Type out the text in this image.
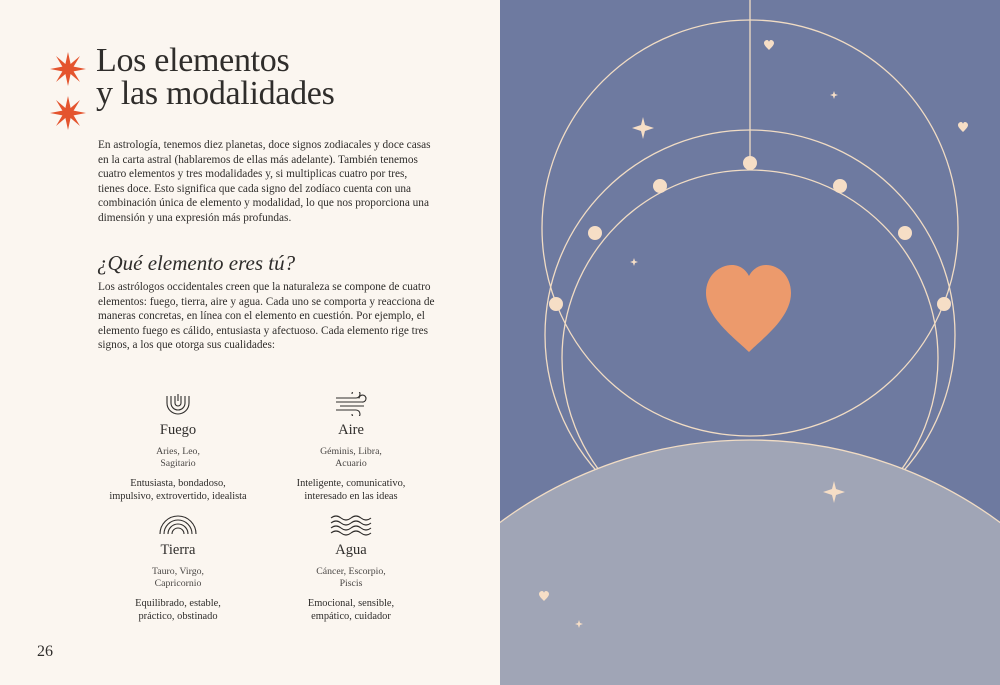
Los elementos
y las modalidades

En astrología, tenemos diez planetas, doce signos zodiacales y doce casas en la carta astral (hablaremos de ellas más adelante). También tenemos cuatro elementos y tres modalidades y, si multiplicas cuatro por tres, tienes doce. Esto significa que cada signo del zodíaco cuenta con una combinación única de elemento y modalidad, lo que nos proporciona una dimensión y una expresión más profundas.

¿Qué elemento eres tú?

Los astrólogos occidentales creen que la naturaleza se compone de cuatro elementos: fuego, tierra, aire y agua. Cada uno se comporta y reacciona de maneras concretas, en línea con el elemento en cuestión. Por ejemplo, el elemento fuego es cálido, entusiasta y afectuoso. Cada elemento rige tres signos, a los que otorga sus cualidades:

Fuego
Aries, Leo,
Sagitario
Entusiasta, bondadoso,
impulsivo, extrovertido, idealista
Aire
Géminis, Libra,
Acuario
Inteligente, comunicativo,
interesado en las ideas
Tierra
Tauro, Virgo,
Capricornio
Equilibrado, estable,
práctico, obstinado
Agua
Cáncer, Escorpio,
Piscis
Emocional, sensible,
empático, cuidador
26
